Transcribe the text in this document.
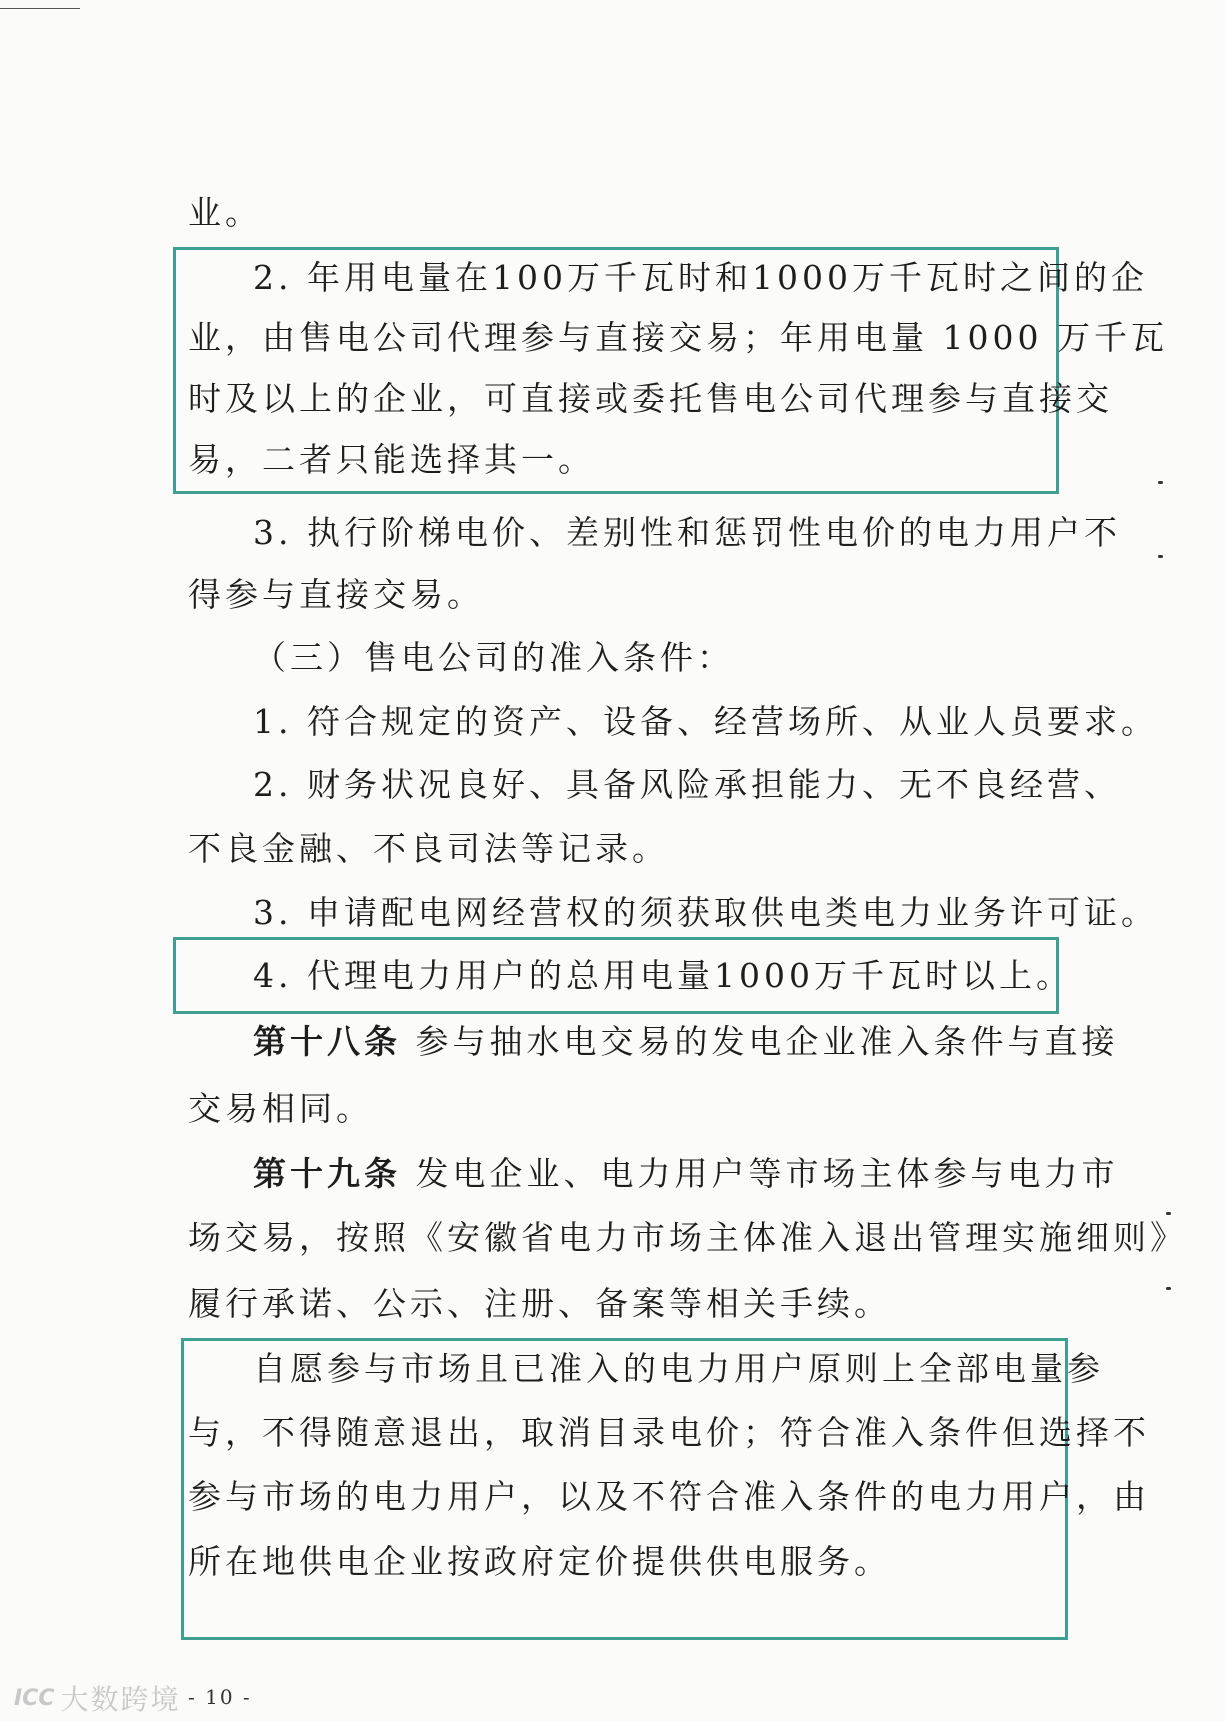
业。
2. 年用电量在100万千瓦时和1000万千瓦时之间的企
业，由售电公司代理参与直接交易；年用电量 1000 万千瓦
时及以上的企业，可直接或委托售电公司代理参与直接交
易，二者只能选择其一。
3. 执行阶梯电价、差别性和惩罚性电价的电力用户不
得参与直接交易。
（三）售电公司的准入条件：
1. 符合规定的资产、设备、经营场所、从业人员要求。
2. 财务状况良好、具备风险承担能力、无不良经营、
不良金融、不良司法等记录。
3. 申请配电网经营权的须获取供电类电力业务许可证。
4. 代理电力用户的总用电量1000万千瓦时以上。
第十八条 参与抽水电交易的发电企业准入条件与直接
交易相同。
第十九条 发电企业、电力用户等市场主体参与电力市
场交易，按照《安徽省电力市场主体准入退出管理实施细则》
履行承诺、公示、注册、备案等相关手续。
自愿参与市场且已准入的电力用户原则上全部电量参
与，不得随意退出，取消目录电价；符合准入条件但选择不
参与市场的电力用户，以及不符合准入条件的电力用户，由
所在地供电企业按政府定价提供供电服务。
- 10 -
ICC 大数跨境
